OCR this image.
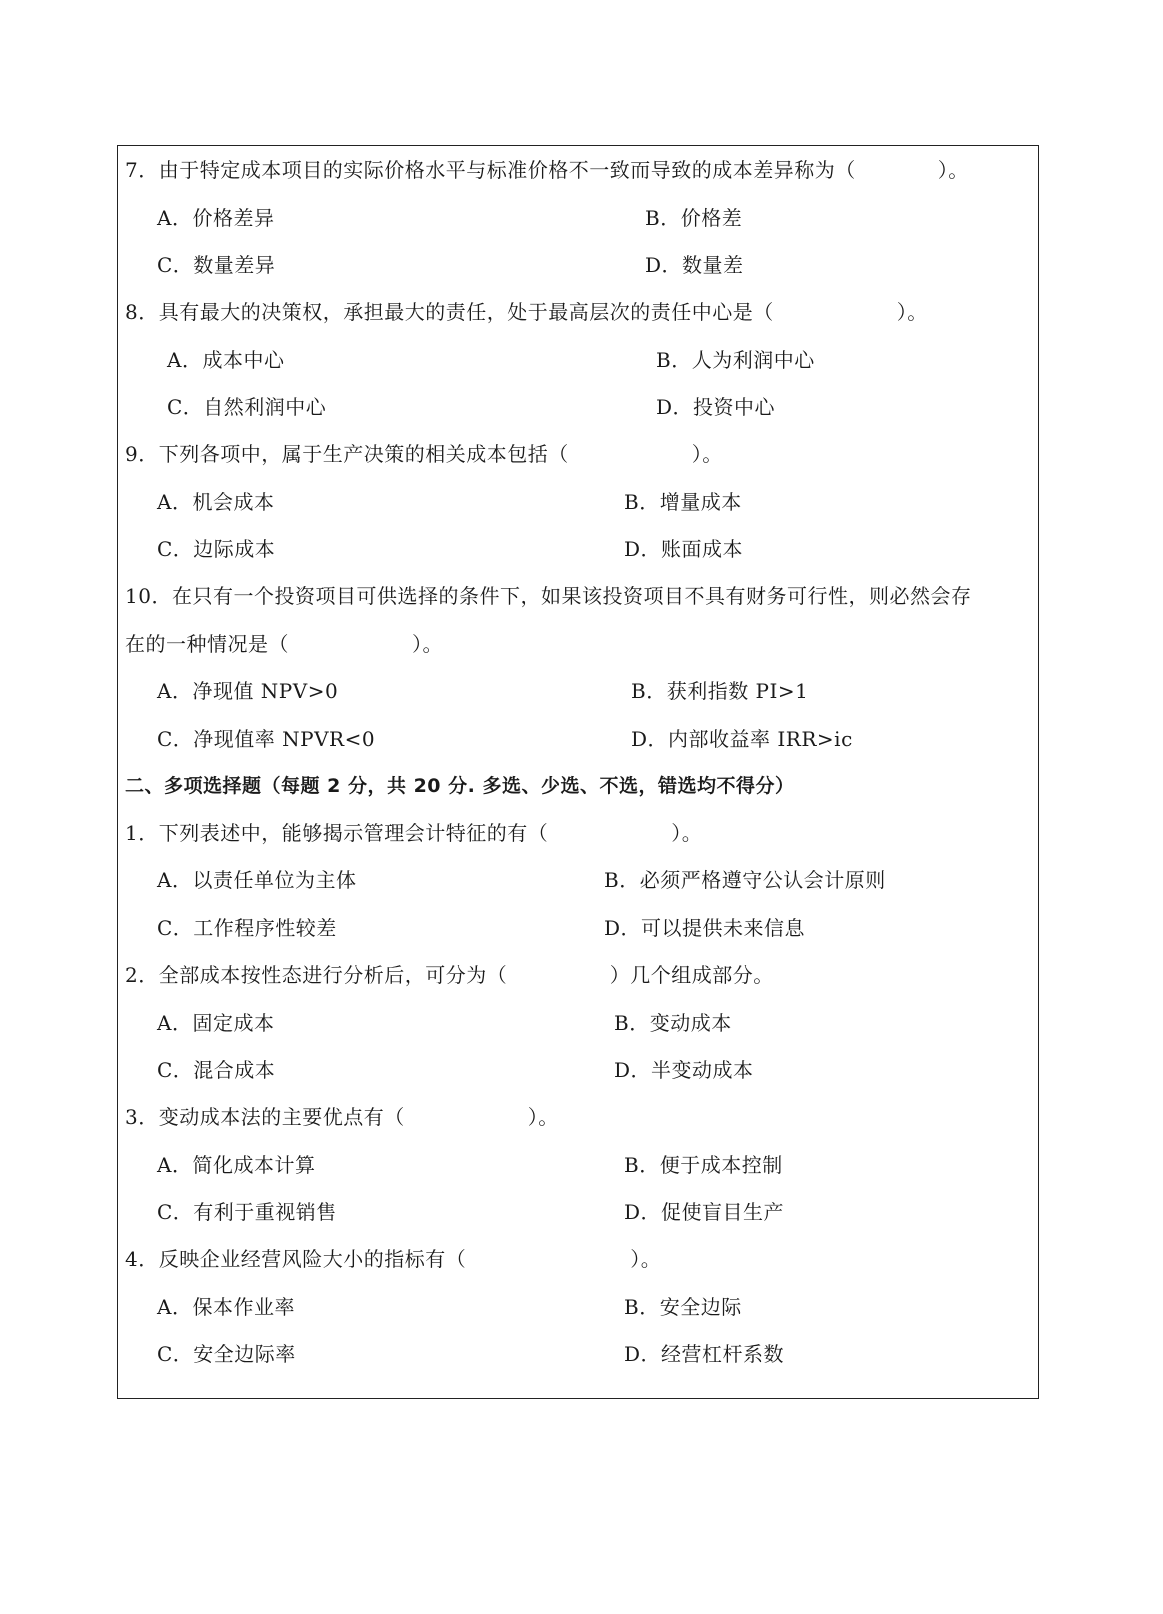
7．由于特定成本项目的实际价格水平与标准价格不一致而导致的成本差异称为（　　　　）。
A．价格差异	B．价格差
C．数量差异	D．数量差
8．具有最大的决策权，承担最大的责任，处于最高层次的责任中心是（　　　　　　）。
A．成本中心	B．人为利润中心
C．自然利润中心	D．投资中心
9．下列各项中，属于生产决策的相关成本包括（　　　　　　）。
A．机会成本	B．增量成本
C．边际成本	D．账面成本
10．在只有一个投资项目可供选择的条件下，如果该投资项目不具有财务可行性，则必然会存
在的一种情况是（　　　　　　）。
A．净现值 NPV>0	B．获利指数 PI>1
C．净现值率 NPVR<0	D．内部收益率 IRR>ic
二、多项选择题（每题 2 分，共 20 分. 多选、少选、不选，错选均不得分）
1．下列表述中，能够揭示管理会计特征的有（　　　　　　）。
A．以责任单位为主体	B．必须严格遵守公认会计原则
C．工作程序性较差	D．可以提供未来信息
2．全部成本按性态进行分析后，可分为（　　　　　）几个组成部分。
A．固定成本	B．变动成本
C．混合成本	D．半变动成本
3．变动成本法的主要优点有（　　　　　　）。
A．简化成本计算	B．便于成本控制
C．有利于重视销售	D．促使盲目生产
4．反映企业经营风险大小的指标有（　　　　　　　　）。
A．保本作业率	B．安全边际
C．安全边际率	D．经营杠杆系数
